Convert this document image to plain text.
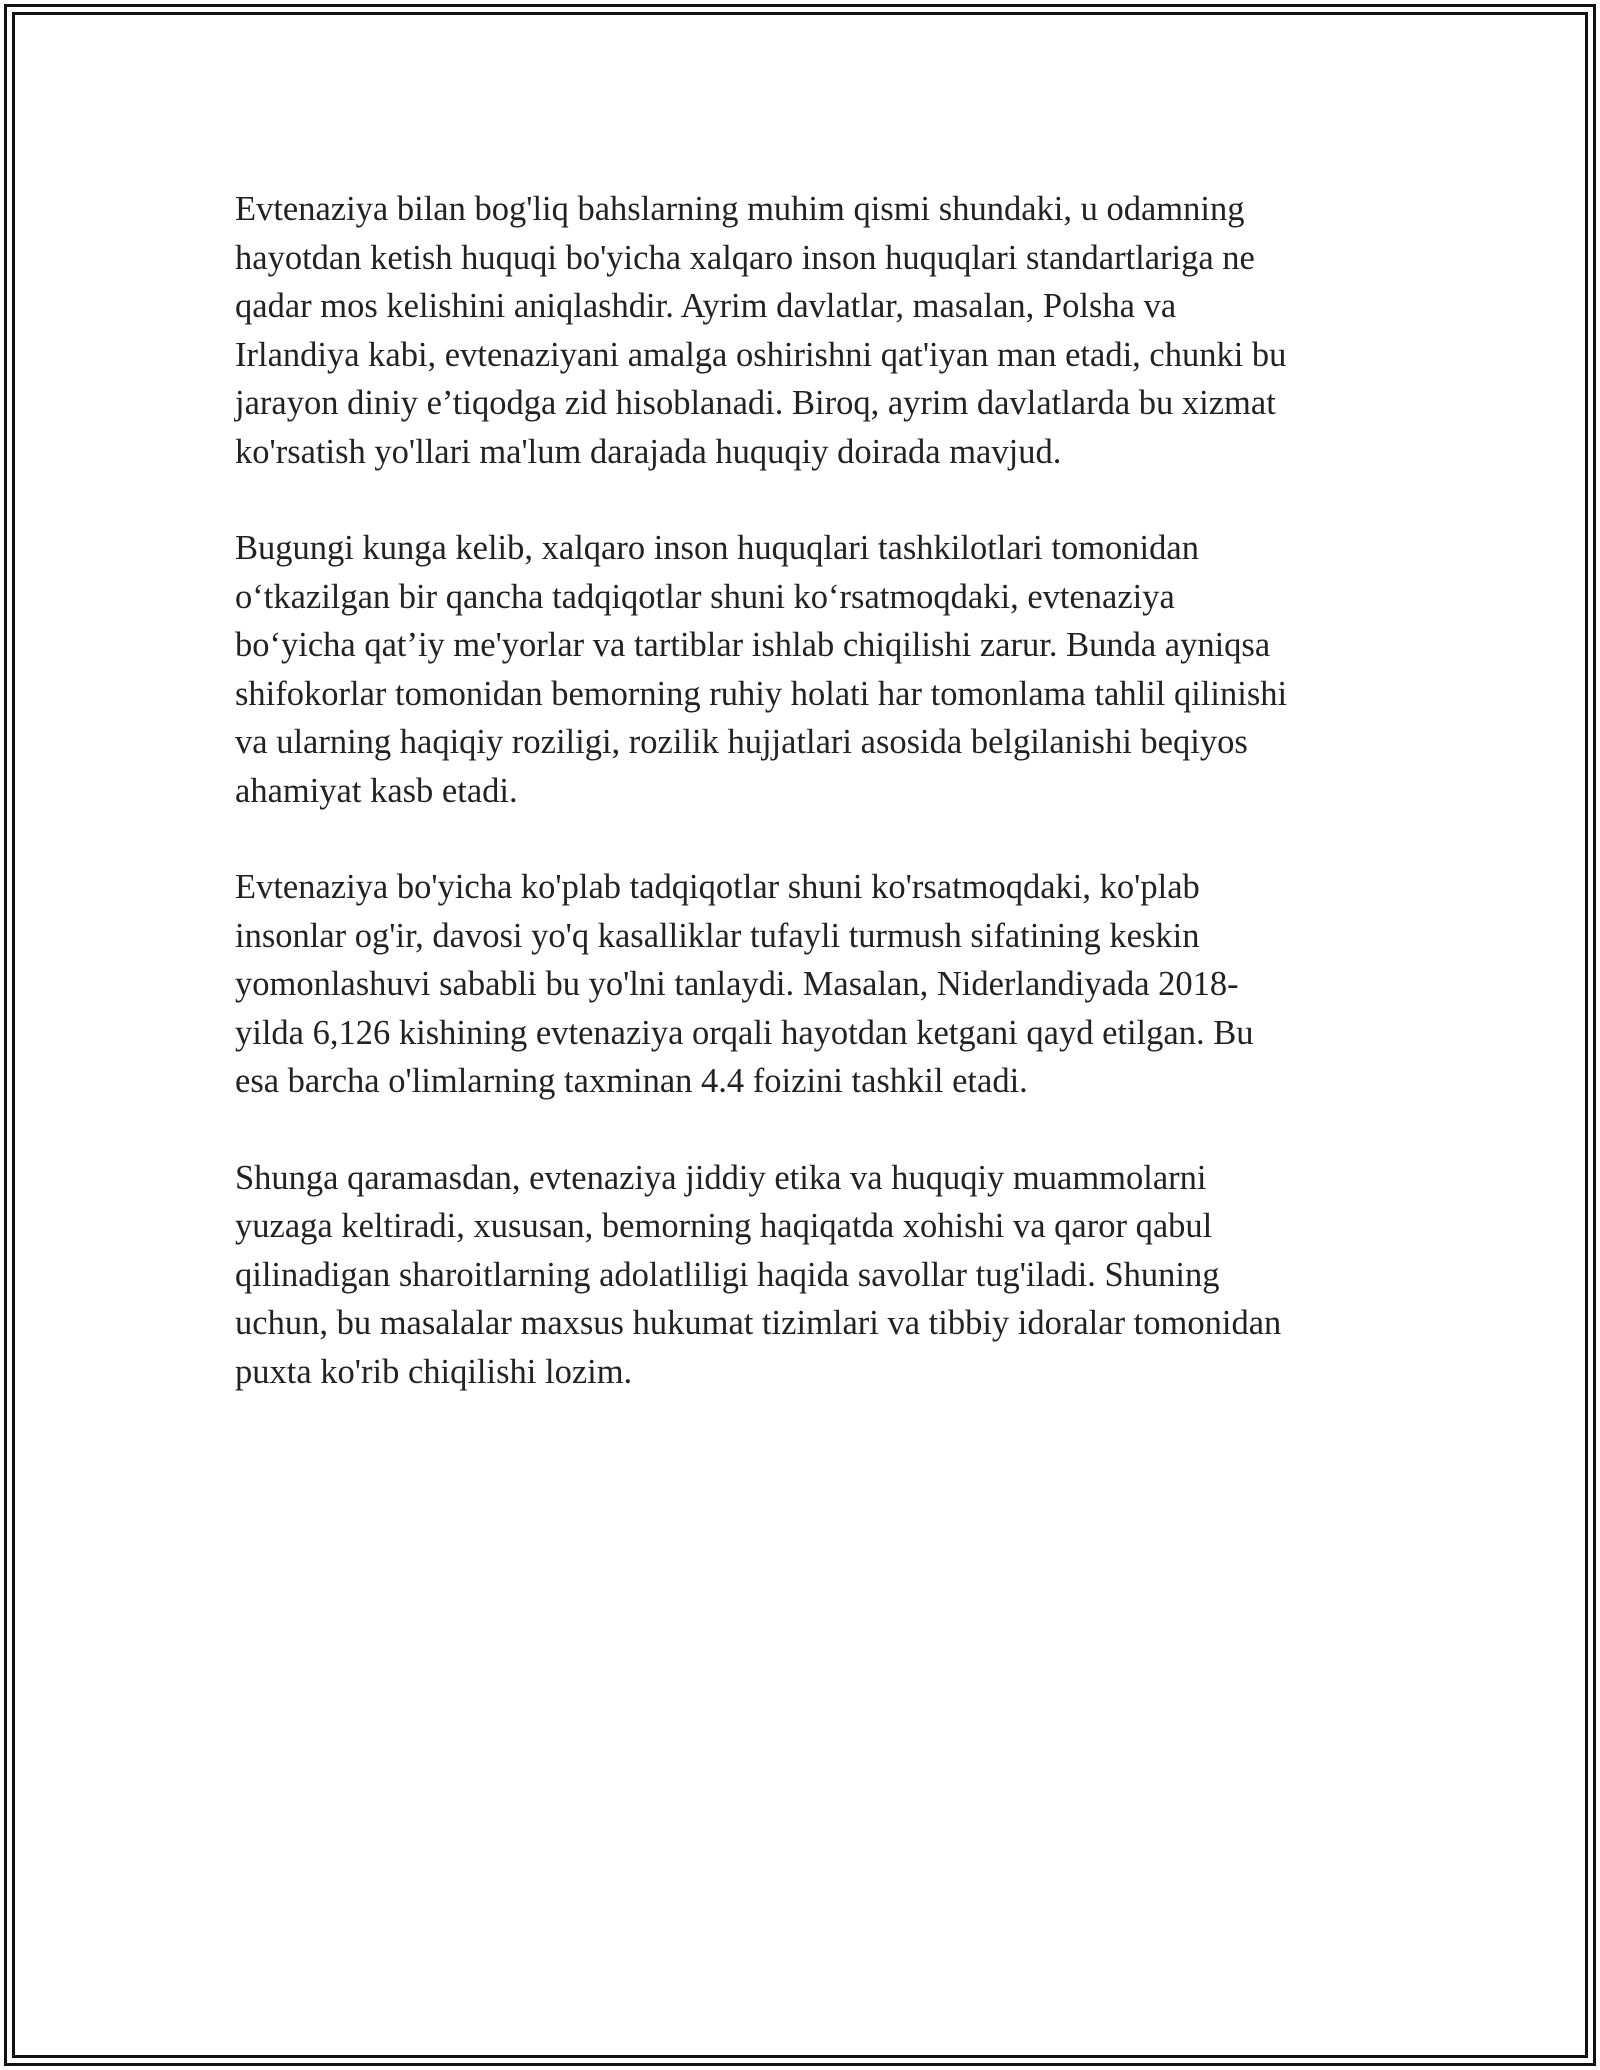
Evtenaziya bilan bog'liq bahslarning muhim qismi shundaki, u odamning
hayotdan ketish huquqi bo'yicha xalqaro inson huquqlari standartlariga ne
qadar mos kelishini aniqlashdir. Ayrim davlatlar, masalan, Polsha va
Irlandiya kabi, evtenaziyani amalga oshirishni qat'iyan man etadi, chunki bu
jarayon diniy e’tiqodga zid hisoblanadi. Biroq, ayrim davlatlarda bu xizmat
ko'rsatish yo'llari ma'lum darajada huquqiy doirada mavjud.

Bugungi kunga kelib, xalqaro inson huquqlari tashkilotlari tomonidan
o‘tkazilgan bir qancha tadqiqotlar shuni ko‘rsatmoqdaki, evtenaziya
bo‘yicha qat’iy me'yorlar va tartiblar ishlab chiqilishi zarur. Bunda ayniqsa
shifokorlar tomonidan bemorning ruhiy holati har tomonlama tahlil qilinishi
va ularning haqiqiy roziligi, rozilik hujjatlari asosida belgilanishi beqiyos
ahamiyat kasb etadi.

Evtenaziya bo'yicha ko'plab tadqiqotlar shuni ko'rsatmoqdaki, ko'plab
insonlar og'ir, davosi yo'q kasalliklar tufayli turmush sifatining keskin
yomonlashuvi sababli bu yo'lni tanlaydi. Masalan, Niderlandiyada 2018-
yilda 6,126 kishining evtenaziya orqali hayotdan ketgani qayd etilgan. Bu
esa barcha o'limlarning taxminan 4.4 foizini tashkil etadi.

Shunga qaramasdan, evtenaziya jiddiy etika va huquqiy muammolarni
yuzaga keltiradi, xususan, bemorning haqiqatda xohishi va qaror qabul
qilinadigan sharoitlarning adolatliligi haqida savollar tug'iladi. Shuning
uchun, bu masalalar maxsus hukumat tizimlari va tibbiy idoralar tomonidan
puxta ko'rib chiqilishi lozim.
